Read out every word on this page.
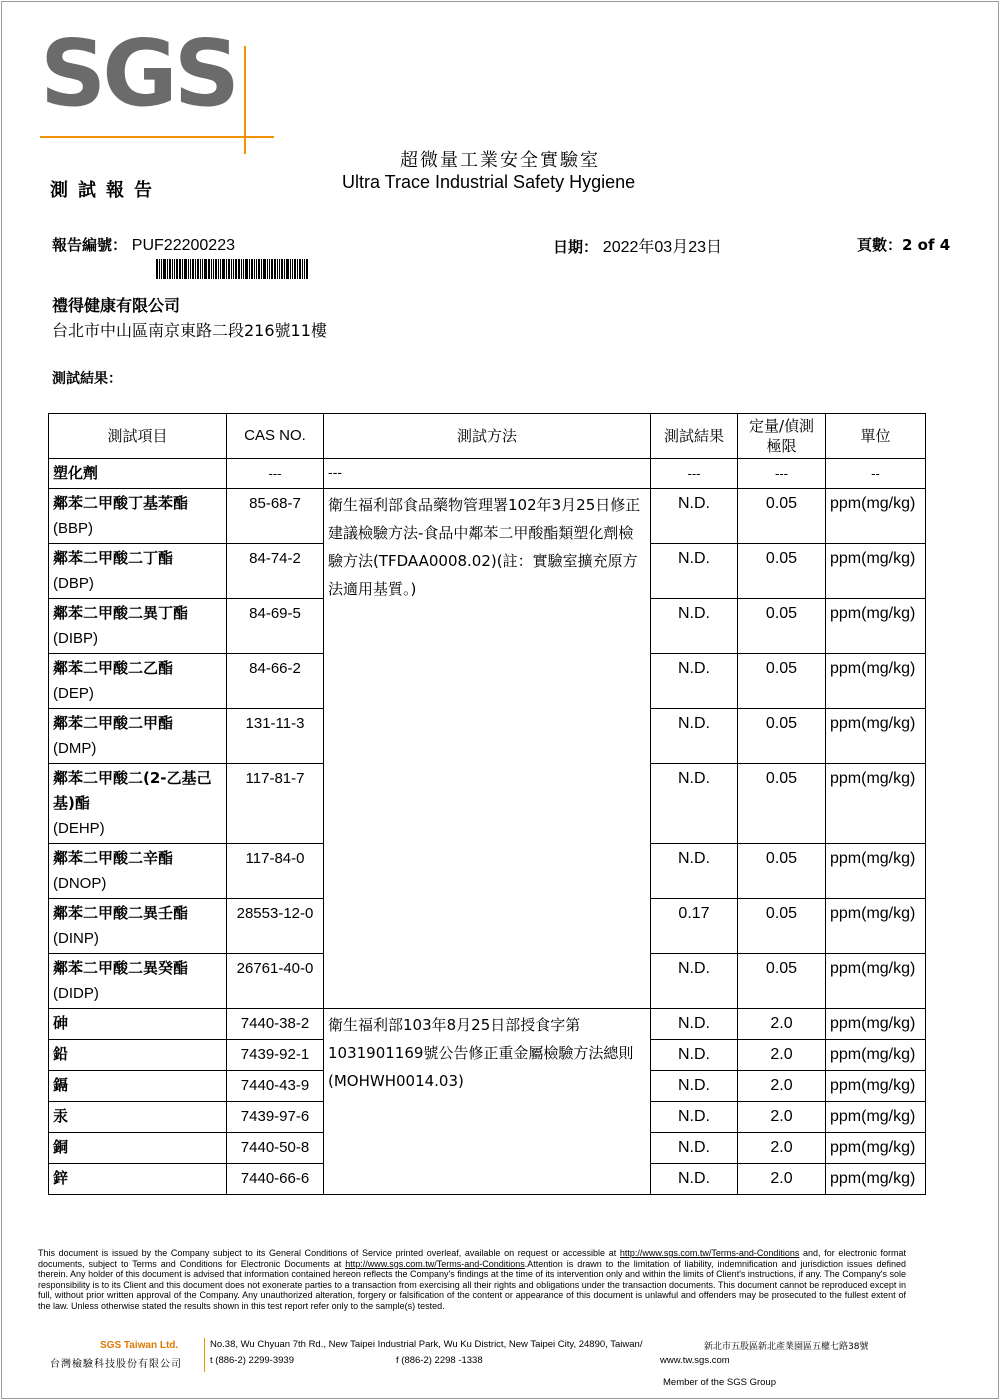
SGS
超微量工業安全實驗室
Ultra Trace Industrial Safety Hygiene
測試報告
報告編號： PUF22200223	日期： 2022年03月23日	頁數：2 of 4
禮得健康有限公司
台北市中山區南京東路二段216號11樓
測試結果：
測試項目	CAS NO.	測試方法	測試結果	定量/偵測極限	單位
塑化劑	---	---	---	---	--
鄰苯二甲酸丁基苯酯
(BBP)	85-68-7	衛生福利部食品藥物管理署102年3月25日修正建議檢驗方法-食品中鄰苯二甲酸酯類塑化劑檢驗方法(TFDAA0008.02)(註：實驗室擴充原方法適用基質。)	N.D.	0.05	ppm(mg/kg)
鄰苯二甲酸二丁酯
(DBP)	84-74-2		N.D.	0.05	ppm(mg/kg)
鄰苯二甲酸二異丁酯
(DIBP)	84-69-5		N.D.	0.05	ppm(mg/kg)
鄰苯二甲酸二乙酯
(DEP)	84-66-2		N.D.	0.05	ppm(mg/kg)
鄰苯二甲酸二甲酯
(DMP)	131-11-3		N.D.	0.05	ppm(mg/kg)
鄰苯二甲酸二(2-乙基己基)酯
(DEHP)	117-81-7		N.D.	0.05	ppm(mg/kg)
鄰苯二甲酸二辛酯
(DNOP)	117-84-0		N.D.	0.05	ppm(mg/kg)
鄰苯二甲酸二異壬酯
(DINP)	28553-12-0		0.17	0.05	ppm(mg/kg)
鄰苯二甲酸二異癸酯
(DIDP)	26761-40-0		N.D.	0.05	ppm(mg/kg)
砷	7440-38-2	衛生福利部103年8月25日部授食字第1031901169號公告修正重金屬檢驗方法總則(MOHWH0014.03)	N.D.	2.0	ppm(mg/kg)
鉛	7439-92-1		N.D.	2.0	ppm(mg/kg)
鎘	7440-43-9		N.D.	2.0	ppm(mg/kg)
汞	7439-97-6		N.D.	2.0	ppm(mg/kg)
銅	7440-50-8		N.D.	2.0	ppm(mg/kg)
鋅	7440-66-6		N.D.	2.0	ppm(mg/kg)
This document is issued by the Company subject to its General Conditions of Service printed overleaf, available on request or accessible at http://www.sgs.com.tw/Terms-and-Conditions and, for electronic format documents, subject to Terms and Conditions for Electronic Documents at http://www.sgs.com.tw/Terms-and-Conditions.Attention is drawn to the limitation of liability, indemnification and jurisdiction issues defined therein. Any holder of this document is advised that information contained hereon reflects the Company's findings at the time of its intervention only and within the limits of Client's instructions, if any. The Company's sole responsibility is to its Client and this document does not exonerate parties to a transaction from exercising all their rights and obligations under the transaction documents. This document cannot be reproduced except in full, without prior written approval of the Company. Any unauthorized alteration, forgery or falsification of the content or appearance of this document is unlawful and offenders may be prosecuted to the fullest extent of the law. Unless otherwise stated the results shown in this test report refer only to the sample(s) tested.
SGS Taiwan Ltd.
台灣檢驗科技股份有限公司
No.38, Wu Chyuan 7th Rd., New Taipei Industrial Park, Wu Ku District, New Taipei City, 24890, Taiwan/	新北市五股區新北產業園區五權七路38號
t (886-2) 2299-3939	f (886-2) 2298 -1338	www.tw.sgs.com
Member of the SGS Group
